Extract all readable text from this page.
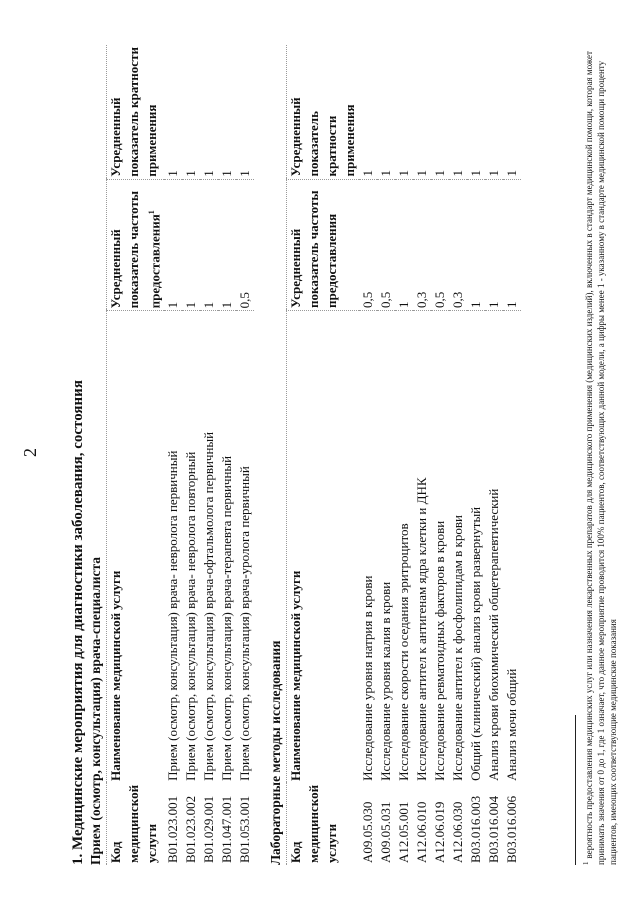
2 1. Медицинские мероприятия для диагностики заболевания, состояния Прием (осмотр, консультация) врача-специалиста Код медицинской услуги	Наименование медицинской услуги	Усредненный показатель частоты предоставления$^1$	Усредненный показатель кратности применения
B01.023.001	Прием (осмотр, консультация) врача- невролога первичный	1	1
B01.023.002	Прием (осмотр, консультация) врача- невролога повторный	1	1
B01.029.001	Прием (осмотр, консультация) врача-офтальмолога первичный	1	1
B01.047.001	Прием (осмотр, консультация) врача-терапевта первичный	1	1
B01.053.001	Прием (осмотр, консультация) врача-уролога первичный	0,5	1
Лабораторные методы исследования Код медицинской услуги	Наименование медицинской услуги	Усредненный показатель частоты предоставления	Усредненный показатель кратности применения
A09.05.030	Исследование уровня натрия в крови	0,5	1
A09.05.031	Исследование уровня калия в крови	0,5	1
A12.05.001	Исследование скорости оседания эритроцитов	1	1
A12.06.010	Исследование антител к антигенам ядра клетки и ДНК	0,3	1
A12.06.019	Исследование ревматоидных факторов в крови	0,5	1
A12.06.030	Исследование антител к фосфолипидам в крови	0,3	1
B03.016.003	Общий (клинический) анализ крови развернутый	1	1
B03.016.004	Анализ крови биохимический общетерапевтический	1	1
B03.016.006	Анализ мочи общий	1	1
$^1$вероятность предоставления медицинских услуг или назначения лекарственных препаратов для медицинского применения (медицинских изделий), включенных в стандарт медицинской помощи, которая может принимать значения от 0 до 1, где 1 означает, что данное мероприятие проводится 100% пациентов, соответствующих данной модели, а цифры менее 1 - указанному в стандарте медицинской помощи проценту пациентов, имеющих соответствующие медицинские показания
